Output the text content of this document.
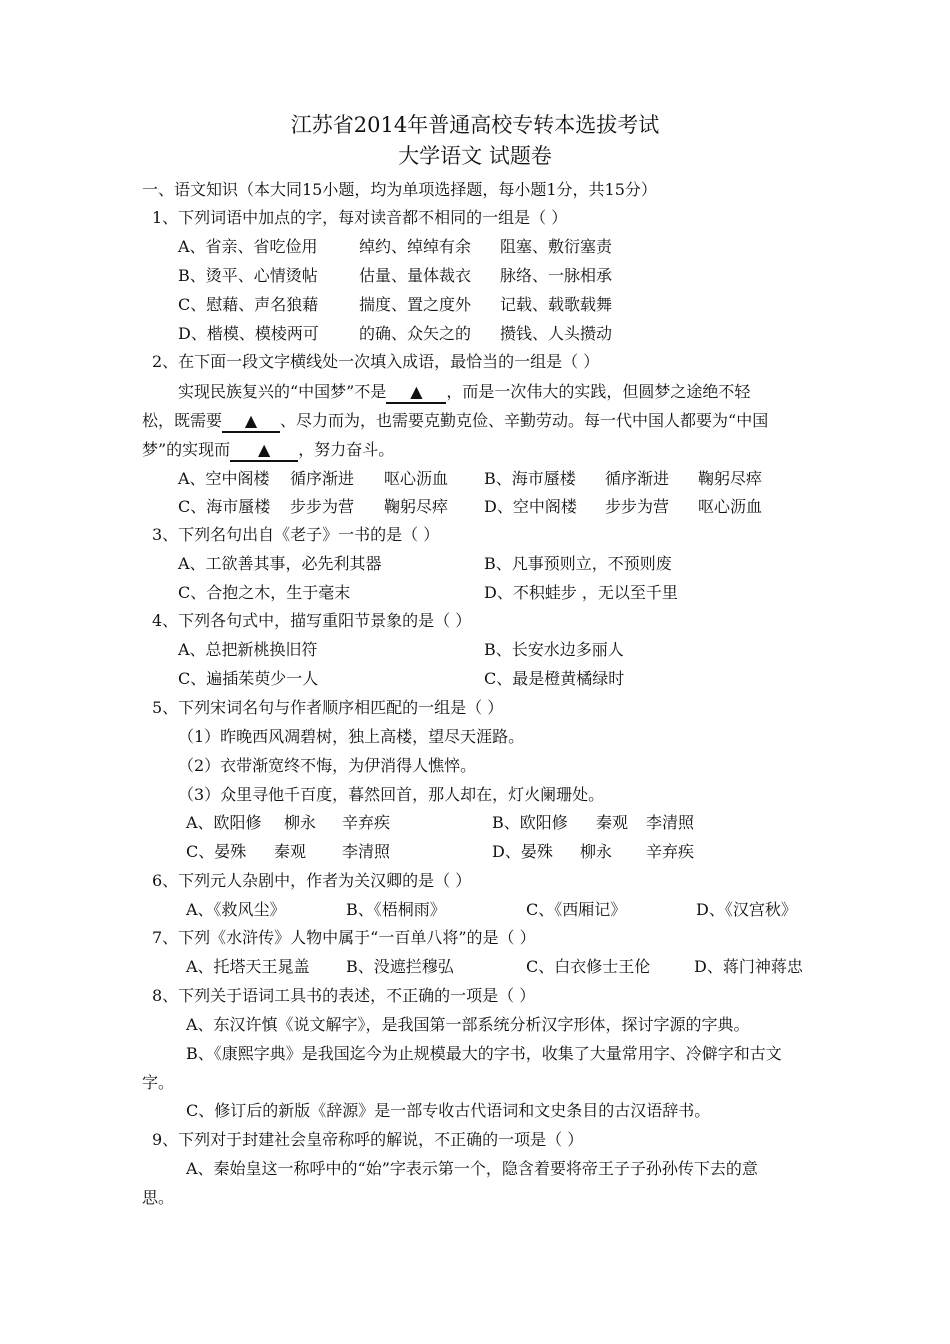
江苏省2014年普通高校专转本选拔考试
大学语文 试题卷
一、语文知识（本大同15小题，均为单项选择题，每小题1分，共15分）
1、下列词语中加点的字，每对读音都不相同的一组是（ ）
A、省亲、省吃俭用	绰约、绰绰有余 阻塞、敷衍塞责
B、烫平、心情烫帖	估量、量体裁衣 脉络、一脉相承
C、慰藉、声名狼藉	揣度、置之度外 记载、载歌载舞
D、楷模、模棱两可	的确、众矢之的 攒钱、人头攒动
2、在下面一段文字横线处一次填入成语，最恰当的一组是（ ）
实现民族复兴的“中国梦”不是 ▲ ，而是一次伟大的实践，但圆梦之途绝不轻
松，既需要 ▲ 、尽力而为，也需要克勤克俭、辛勤劳动。每一代中国人都要为“中国
梦”的实现而 ▲ ，努力奋斗。
A、空中阁楼 循序渐进 呕心沥血 B、海市蜃楼 循序渐进 鞠躬尽瘁
C、海市蜃楼 步步为营 鞠躬尽瘁 D、空中阁楼 步步为营 呕心沥血
3、下列名句出自《老子》一书的是（ ）
A、工欲善其事，必先利其器	B、凡事预则立，不预则废
C、合抱之木，生于毫末	D、不积蛙步 ，无以至千里
4、下列各句式中，描写重阳节景象的是（ ）
A、总把新桃换旧符	B、长安水边多丽人
C、遍插茱萸少一人	C、最是橙黄橘绿时
5、下列宋词名句与作者顺序相匹配的一组是（ ）
（1）昨晚西风凋碧树，独上高楼，望尽天涯路。
（2）衣带渐宽终不悔，为伊消得人憔悴。
（3）众里寻他千百度，暮然回首，那人却在，灯火阑珊处。
A、欧阳修 柳永 辛弃疾	B、欧阳修 秦观 李清照
C、晏殊 秦观 李清照	D、晏殊 柳永 辛弃疾
6、下列元人杂剧中，作者为关汉卿的是（ ）
A、《救风尘》	B、《梧桐雨》	C、《西厢记》	D、《汉宫秋》
7、下列《水浒传》人物中属于“一百单八将”的是（ ）
A、托塔天王晁盖 B、没遮拦穆弘	C、白衣修士王伦	D、蒋门神蒋忠
8、下列关于语词工具书的表述，不正确的一项是（ ）
A、东汉许慎《说文解字》，是我国第一部系统分析汉字形体，探讨字源的字典。
B、《康熙字典》是我国迄今为止规模最大的字书，收集了大量常用字、冷僻字和古文
字。
C、修订后的新版《辞源》是一部专收古代语词和文史条目的古汉语辞书。
9、下列对于封建社会皇帝称呼的解说，不正确的一项是（ ）
A、秦始皇这一称呼中的“始”字表示第一个，隐含着要将帝王子子孙孙传下去的意
思。
